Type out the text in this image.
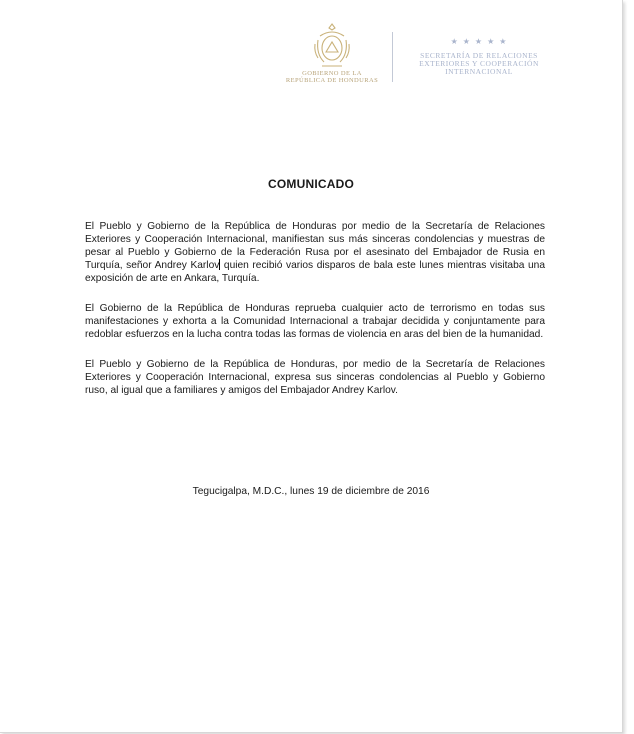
GOBIERNO DE LA
REPÚBLICA DE HONDURAS
★★★★★
SECRETARÍA DE RELACIONES
EXTERIORES Y COOPERACIÓN
INTERNACIONAL
COMUNICADO

El Pueblo y Gobierno de la República de Honduras por medio de la Secretaría de Relaciones Exteriores y Cooperación Internacional, manifiestan sus más sinceras condolencias y muestras de pesar al Pueblo y Gobierno de la Federación Rusa por el asesinato del Embajador de Rusia en Turquía, señor Andrey Karlov quien recibió varios disparos de bala este lunes mientras visitaba una exposición de arte en Ankara, Turquía.

El Gobierno de la República de Honduras reprueba cualquier acto de terrorismo en todas sus manifestaciones y exhorta a la Comunidad Internacional a trabajar decidida y conjuntamente para redoblar esfuerzos en la lucha contra todas las formas de violencia en aras del bien de la humanidad.

El Pueblo y Gobierno de la República de Honduras, por medio de la Secretaría de Relaciones Exteriores y Cooperación Internacional, expresa sus sinceras condolencias al Pueblo y Gobierno ruso, al igual que a familiares y amigos del Embajador Andrey Karlov.

Tegucigalpa, M.D.C., lunes 19 de diciembre de 2016
